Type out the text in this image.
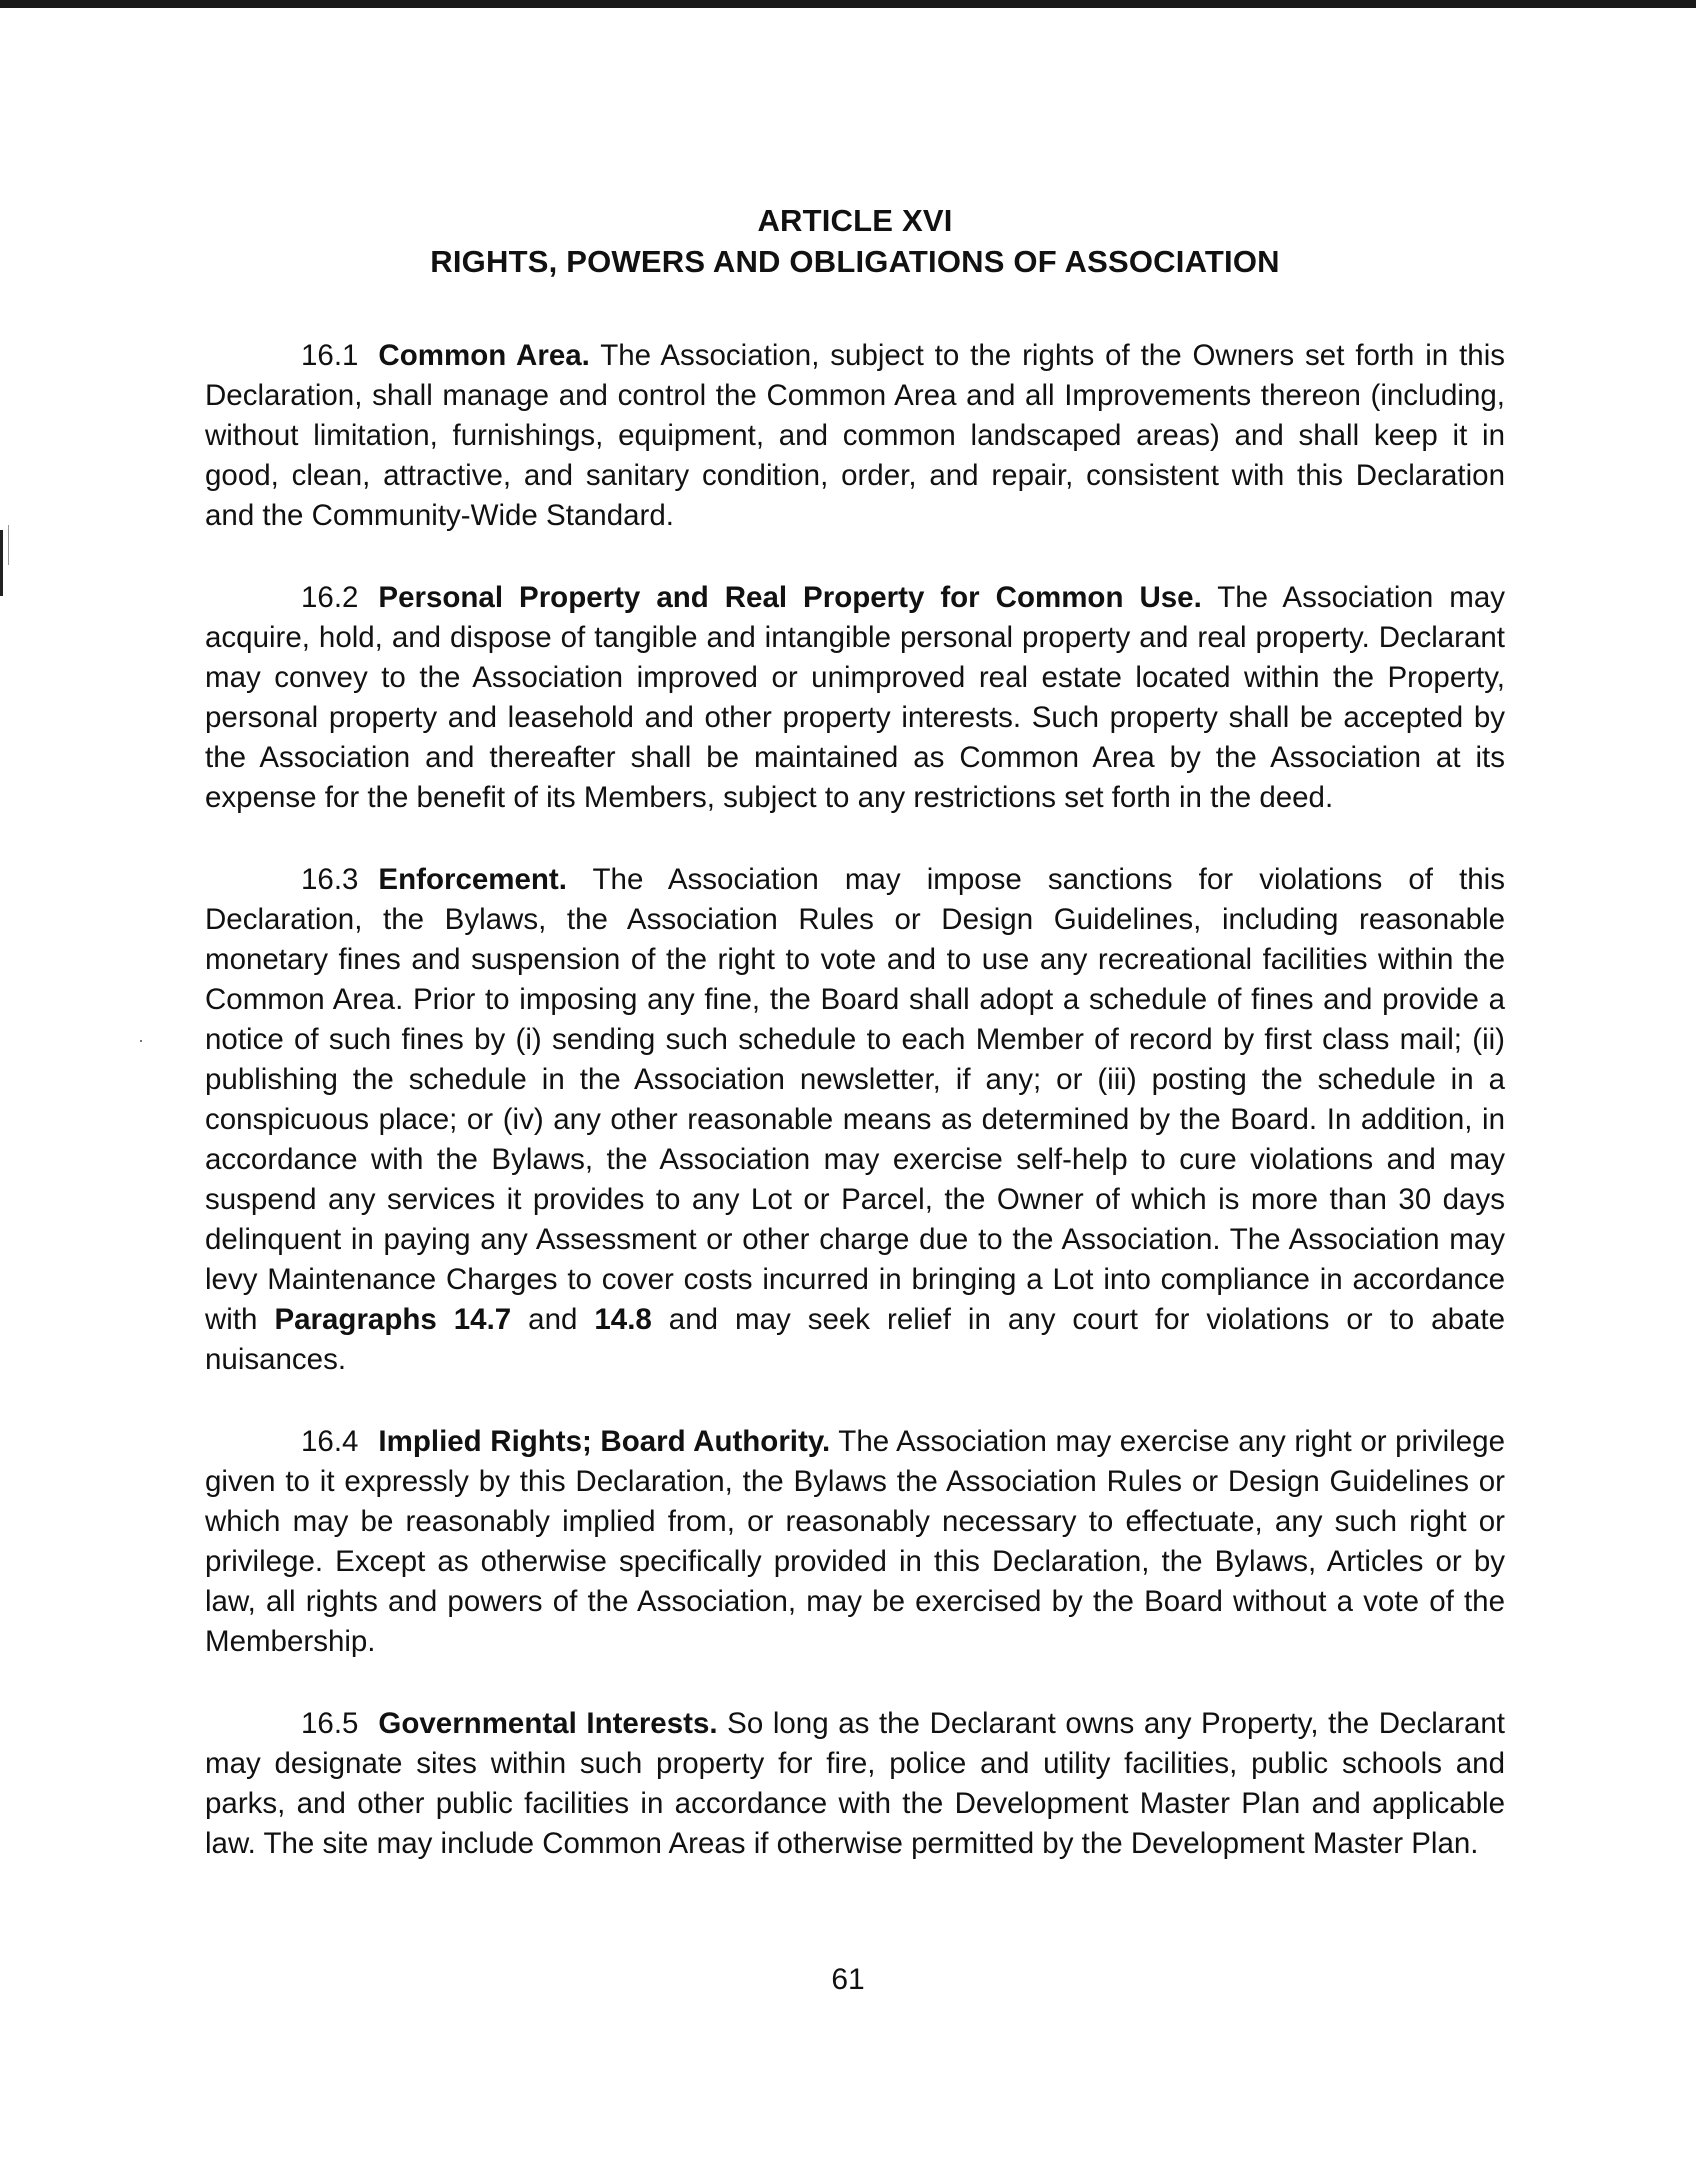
ARTICLE XVI
RIGHTS, POWERS AND OBLIGATIONS OF ASSOCIATION

16.1 Common Area. The Association, subject to the rights of the Owners set forth in this Declaration, shall manage and control the Common Area and all Improvements thereon (including, without limitation, furnishings, equipment, and common landscaped areas) and shall keep it in good, clean, attractive, and sanitary condition, order, and repair, consistent with this Declaration and the Community-Wide Standard.

16.2 Personal Property and Real Property for Common Use. The Association may acquire, hold, and dispose of tangible and intangible personal property and real property. Declarant may convey to the Association improved or unimproved real estate located within the Property, personal property and leasehold and other property interests. Such property shall be accepted by the Association and thereafter shall be maintained as Common Area by the Association at its expense for the benefit of its Members, subject to any restrictions set forth in the deed.

16.3 Enforcement. The Association may impose sanctions for violations of this Declaration, the Bylaws, the Association Rules or Design Guidelines, including reasonable monetary fines and suspension of the right to vote and to use any recreational facilities within the Common Area. Prior to imposing any fine, the Board shall adopt a schedule of fines and provide a notice of such fines by (i) sending such schedule to each Member of record by first class mail; (ii) publishing the schedule in the Association newsletter, if any; or (iii) posting the schedule in a conspicuous place; or (iv) any other reasonable means as determined by the Board. In addition, in accordance with the Bylaws, the Association may exercise self-help to cure violations and may suspend any services it provides to any Lot or Parcel, the Owner of which is more than 30 days delinquent in paying any Assessment or other charge due to the Association. The Association may levy Maintenance Charges to cover costs incurred in bringing a Lot into compliance in accordance with Paragraphs 14.7 and 14.8 and may seek relief in any court for violations or to abate nuisances.

16.4 Implied Rights; Board Authority. The Association may exercise any right or privilege given to it expressly by this Declaration, the Bylaws the Association Rules or Design Guidelines or which may be reasonably implied from, or reasonably necessary to effectuate, any such right or privilege. Except as otherwise specifically provided in this Declaration, the Bylaws, Articles or by law, all rights and powers of the Association, may be exercised by the Board without a vote of the Membership.

16.5 Governmental Interests. So long as the Declarant owns any Property, the Declarant may designate sites within such property for fire, police and utility facilities, public schools and parks, and other public facilities in accordance with the Development Master Plan and applicable law. The site may include Common Areas if otherwise permitted by the Development Master Plan.

61
